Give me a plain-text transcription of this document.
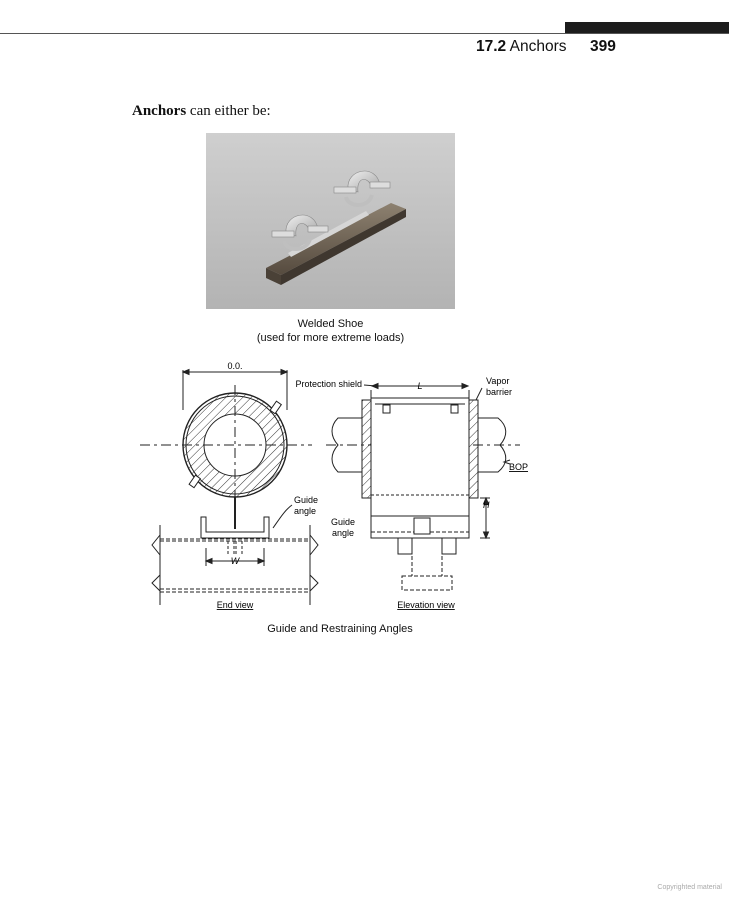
17.2 Anchors 399
Anchors can either be:
Welded Shoe
(used for more extreme loads)
0.0.
Protection shield	L	Vapor
barrier
BOP
H
Guide
angle
Guide
angle
W
End view	Elevation view
Guide and Restraining Angles
Copyrighted material
